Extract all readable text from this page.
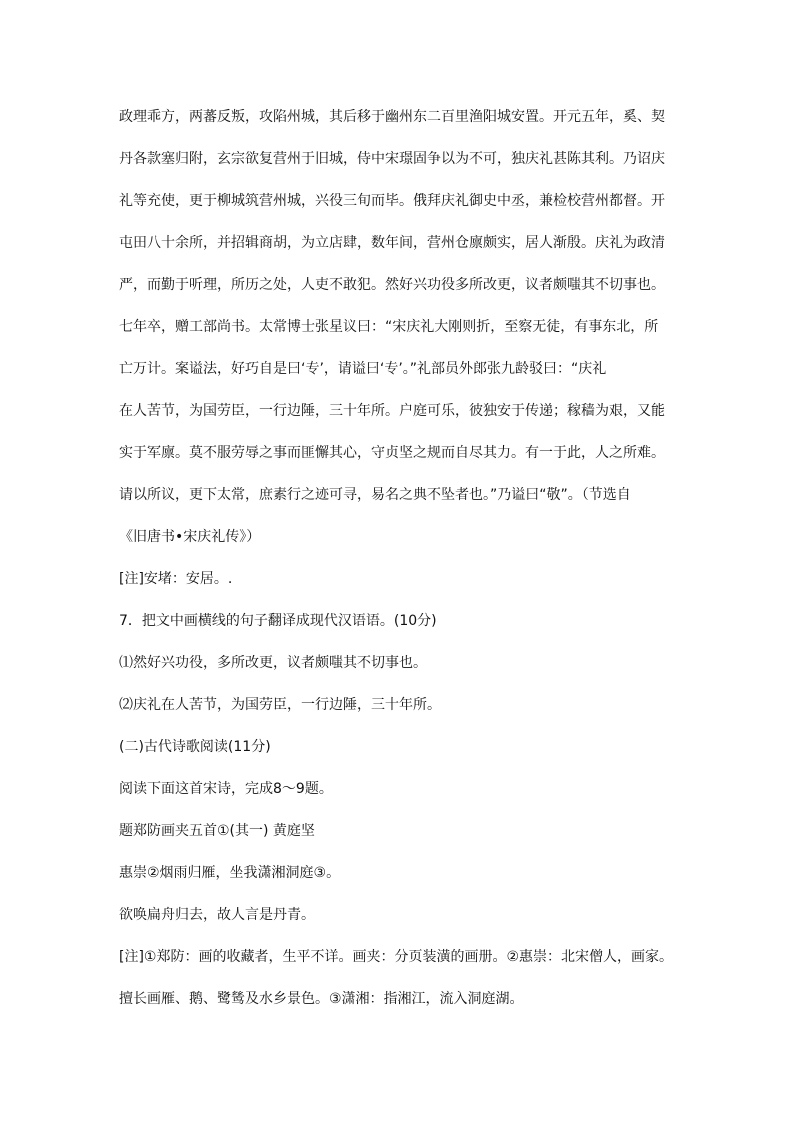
政理乖方，两蕃反叛，攻陷州城，其后移于幽州东二百里渔阳城安置。开元五年，奚、契
丹各款塞归附，玄宗欲复营州于旧城，侍中宋璟固争以为不可，独庆礼甚陈其利。乃诏庆
礼等充使，更于柳城筑营州城，兴役三旬而毕。俄拜庆礼御史中丞，兼检校营州都督。开
屯田八十余所，并招辑商胡，为立店肆，数年间，营州仓廪颇实，居人渐殷。庆礼为政清
严，而勤于听理，所历之处，人吏不敢犯。然好兴功役多所改更，议者颇嗤其不切事也。
七年卒，赠工部尚书。太常博士张星议曰：“宋庆礼大刚则折，至察无徒，有事东北，所
亡万计。案谥法，好巧自是曰‘专’，请谥曰‘专’。”礼部员外郎张九龄驳曰：“庆礼
在人苦节，为国劳臣，一行边陲，三十年所。户庭可乐，彼独安于传递；稼穑为艰，又能
实于军廪。莫不服劳辱之事而匪懈其心，守贞坚之规而自尽其力。有一于此，人之所难。
请以所议，更下太常，庶素行之迹可寻，易名之典不坠者也。”乃谥曰“敬”。（节选自
《旧唐书•宋庆礼传》）
[注]安堵：安居。.
7．把文中画横线的句子翻译成现代汉语语。(10分)
⑴然好兴功役，多所改更，议者颇嗤其不切事也。
⑵庆礼在人苦节，为国劳臣，一行边陲，三十年所。
(二)古代诗歌阅读(11分)
阅读下面这首宋诗，完成8～9题。
题郑防画夹五首①(其一) 黄庭坚
惠崇②烟雨归雁，坐我潇湘洞庭③。
欲唤扁舟归去，故人言是丹青。
[注]①郑防：画的收藏者，生平不详。画夹：分页装潢的画册。②惠崇：北宋僧人，画家。
擅长画雁、鹅、鹭鸶及水乡景色。③潇湘：指湘江，流入洞庭湖。
